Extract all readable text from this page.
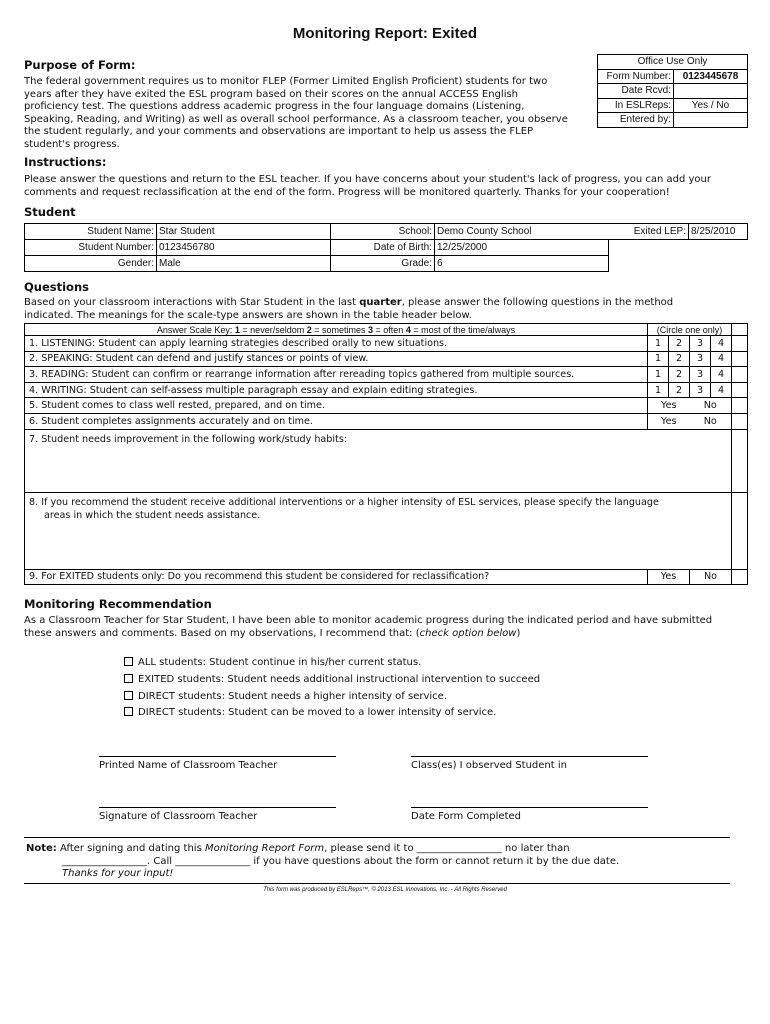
Monitoring Report: Exited
Purpose of Form:
The federal government requires us to monitor FLEP (Former Limited English Proficient) students for two
years after they have exited the ESL program based on their scores on the annual ACCESS English
proficiency test. The questions address academic progress in the four language domains (Listening,
Speaking, Reading, and Writing) as well as overall school performance. As a classroom teacher, you observe
the student regularly, and your comments and observations are important to help us assess the FLEP
student's progress.
Office Use Only	
Form Number:	0123445678
Date Rcvd:	
In ESLReps:	Yes / No
Entered by:	
Instructions:
Please answer the questions and return to the ESL teacher. If you have concerns about your student's lack of progress, you can add your
comments and request reclassification at the end of the form. Progress will be monitored quarterly. Thanks for your cooperation!
Student
Student Name:	Star Student	School:	Demo County School	Exited LEP:	8/25/2010
Student Number:	0123456780	Date of Birth:	12/25/2000		
Gender:	Male	Grade:	6		
Questions
Based on your classroom interactions with Star Student in the last quarter, please answer the following questions in the method
indicated. The meanings for the scale-type answers are shown in the table header below.
Answer Scale Key: 1 = never/seldom 2 = sometimes 3 = often 4 = most of the time/always	(Circle one only)				
1. LISTENING: Student can apply learning strategies described orally to new situations.	1	2	3	4	
2. SPEAKING: Student can defend and justify stances or points of view.	1	2	3	4	
3. READING: Student can confirm or rearrange information after rereading topics gathered from multiple sources.	1	2	3	4	
4. WRITING: Student can self-assess multiple paragraph essay and explain editing strategies.	1	2	3	4	
5. Student comes to class well rested, prepared, and on time.	Yes		No		
6. Student completes assignments accurately and on time.	Yes		No		
7. Student needs improvement in the following work/study habits:					

8. If you recommend the student receive additional interventions or a higher intensity of ESL services, please specify the language
areas in which the student needs assistance.					

9. For EXITED students only: Do you recommend this student be considered for reclassification?	Yes		No		
Monitoring Recommendation
As a Classroom Teacher for Star Student, I have been able to monitor academic progress during the indicated period and have submitted
these answers and comments. Based on my observations, I recommend that: (check option below)
ALL students: Student continue in his/her current status.
EXITED students: Student needs additional instructional intervention to succeed
DIRECT students: Student needs a higher intensity of service.
DIRECT students: Student can be moved to a lower intensity of service.
Printed Name of Classroom Teacher	Class(es) I observed Student in
Signature of Classroom Teacher	Date Form Completed
Note: After signing and dating this Monitoring Report Form, please send it to _________________ no later than
_________________. Call _______________ if you have questions about the form or cannot return it by the due date.
Thanks for your input!
This form was produced by ESLReps™, © 2013 ESL Innovations, Inc. - All Rights Reserved
